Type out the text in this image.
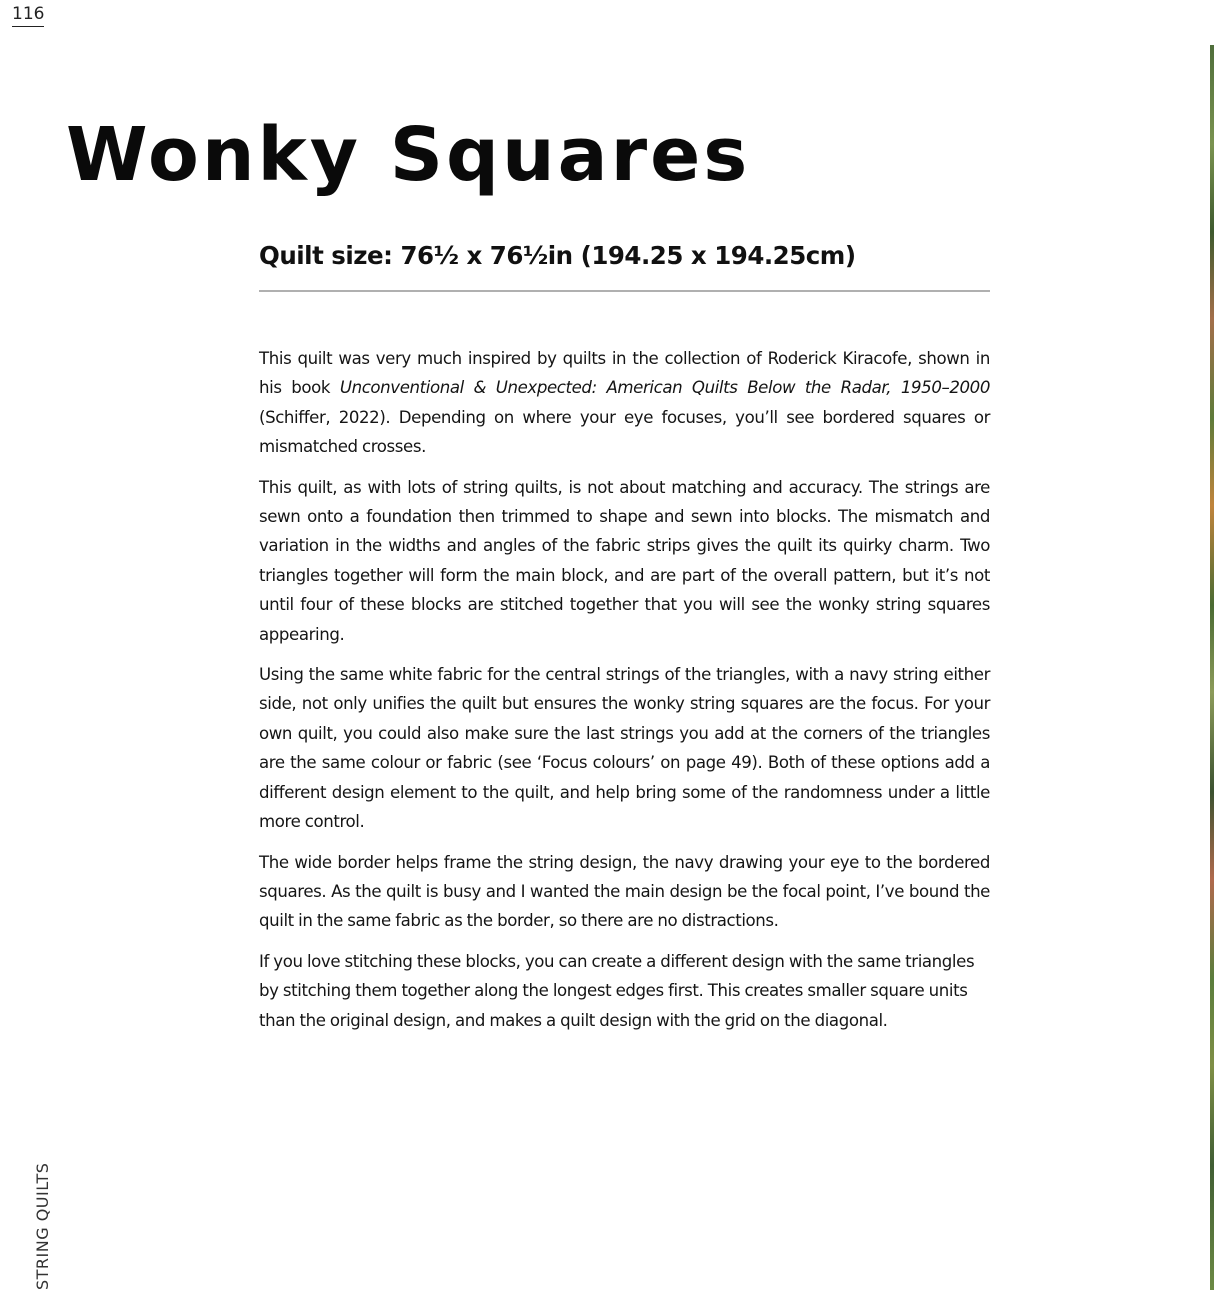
116
STRING QUILTS
Wonky Squares
Quilt size: 76½ x 76½in (194.25 x 194.25cm)

This quilt was very much inspired by quilts in the collection of Roderick Kiracofe, shown in his book Unconventional & Unexpected: American Quilts Below the Radar, 1950–2000 (Schiffer, 2022). Depending on where your eye focuses, you’ll see bordered squares or mismatched crosses.

This quilt, as with lots of string quilts, is not about matching and accuracy. The strings are sewn onto a foundation then trimmed to shape and sewn into blocks. The mismatch and variation in the widths and angles of the fabric strips gives the quilt its quirky charm. Two triangles together will form the main block, and are part of the overall pattern, but it’s not until four of these blocks are stitched together that you will see the wonky string squares appearing.

Using the same white fabric for the central strings of the triangles, with a navy string either side, not only unifies the quilt but ensures the wonky string squares are the focus. For your own quilt, you could also make sure the last strings you add at the corners of the triangles are the same colour or fabric (see ‘Focus colours’ on page 49). Both of these options add a different design element to the quilt, and help bring some of the randomness under a little more control.

The wide border helps frame the string design, the navy drawing your eye to the bordered squares. As the quilt is busy and I wanted the main design be the focal point, I’ve bound the quilt in the same fabric as the border, so there are no distractions.

If you love stitching these blocks, you can create a different design with the same triangles by stitching them together along the longest edges first. This creates smaller square units than the original design, and makes a quilt design with the grid on the diagonal.
